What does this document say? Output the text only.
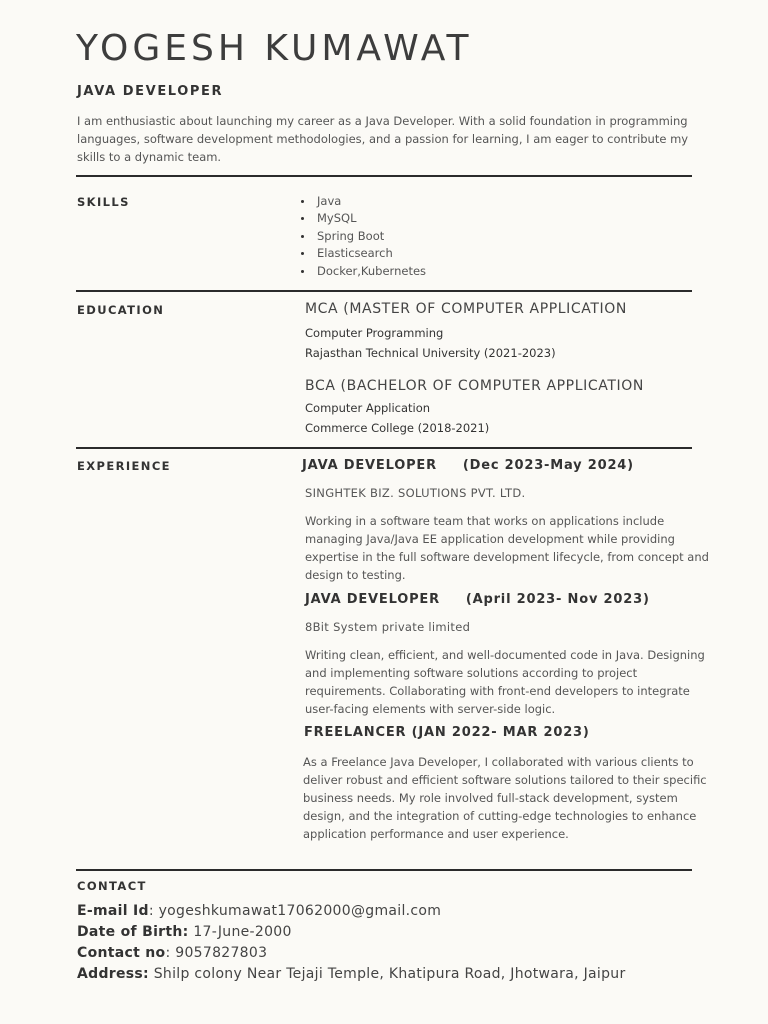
YOGESH KUMAWAT
JAVA DEVELOPER
I am enthusiastic about launching my career as a Java Developer. With a solid foundation in programming languages, software development methodologies, and a passion for learning, I am eager to contribute my skills to a dynamic team.
SKILLS	Java
MySQL
Spring Boot
Elasticsearch
Docker,Kubernetes
EDUCATION	MCA (MASTER OF COMPUTER APPLICATION
Computer Programming
Rajasthan Technical University (2021-2023)
BCA (BACHELOR OF COMPUTER APPLICATION
Computer Application
Commerce College (2018-2021)
EXPERIENCE	JAVA DEVELOPER (Dec 2023-May 2024)
SINGHTEK BIZ. SOLUTIONS PVT. LTD.
Working in a software team that works on applications include managing Java/Java EE application development while providing expertise in the full software development lifecycle, from concept and design to testing.
JAVA DEVELOPER (April 2023- Nov 2023)
8Bit System private limited
Writing clean, efficient, and well-documented code in Java. Designing and implementing software solutions according to project requirements. Collaborating with front-end developers to integrate user-facing elements with server-side logic.
FREELANCER (JAN 2022- MAR 2023)
As a Freelance Java Developer, I collaborated with various clients to deliver robust and efficient software solutions tailored to their specific business needs. My role involved full-stack development, system design, and the integration of cutting-edge technologies to enhance application performance and user experience.
CONTACT
E-mail Id: yogeshkumawat17062000@gmail.com
Date of Birth: 17-June-2000
Contact no: 9057827803
Address: Shilp colony Near Tejaji Temple, Khatipura Road, Jhotwara, Jaipur
